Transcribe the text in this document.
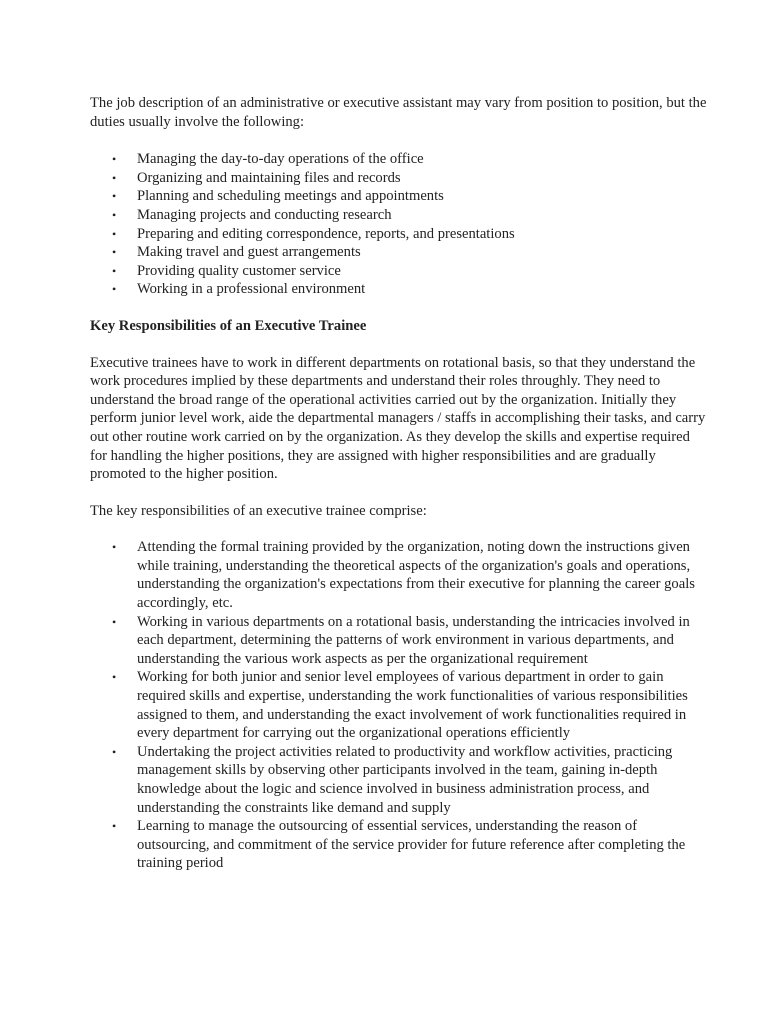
The job description of an administrative or executive assistant may vary from position to position, but the duties usually involve the following:

• Managing the day-to-day operations of the office
• Organizing and maintaining files and records
• Planning and scheduling meetings and appointments
• Managing projects and conducting research
• Preparing and editing correspondence, reports, and presentations
• Making travel and guest arrangements
• Providing quality customer service
• Working in a professional environment
Key Responsibilities of an Executive Trainee

Executive trainees have to work in different departments on rotational basis, so that they understand the work procedures implied by these departments and understand their roles throughly. They need to understand the broad range of the operational activities carried out by the organization. Initially they perform junior level work, aide the departmental managers / staffs in accomplishing their tasks, and carry out other routine work carried on by the organization. As they develop the skills and expertise required for handling the higher positions, they are assigned with higher responsibilities and are gradually promoted to the higher position.

The key responsibilities of an executive trainee comprise:

• Attending the formal training provided by the organization, noting down the instructions given while training, understanding the theoretical aspects of the organization's goals and operations, understanding the organization's expectations from their executive for planning the career goals accordingly, etc.
• Working in various departments on a rotational basis, understanding the intricacies involved in each department, determining the patterns of work environment in various departments, and understanding the various work aspects as per the organizational requirement
• Working for both junior and senior level employees of various department in order to gain required skills and expertise, understanding the work functionalities of various responsibilities assigned to them, and understanding the exact involvement of work functionalities required in every department for carrying out the organizational operations efficiently
• Undertaking the project activities related to productivity and workflow activities, practicing management skills by observing other participants involved in the team, gaining in-depth knowledge about the logic and science involved in business administration process, and understanding the constraints like demand and supply
• Learning to manage the outsourcing of essential services, understanding the reason of outsourcing, and commitment of the service provider for future reference after completing the training period
